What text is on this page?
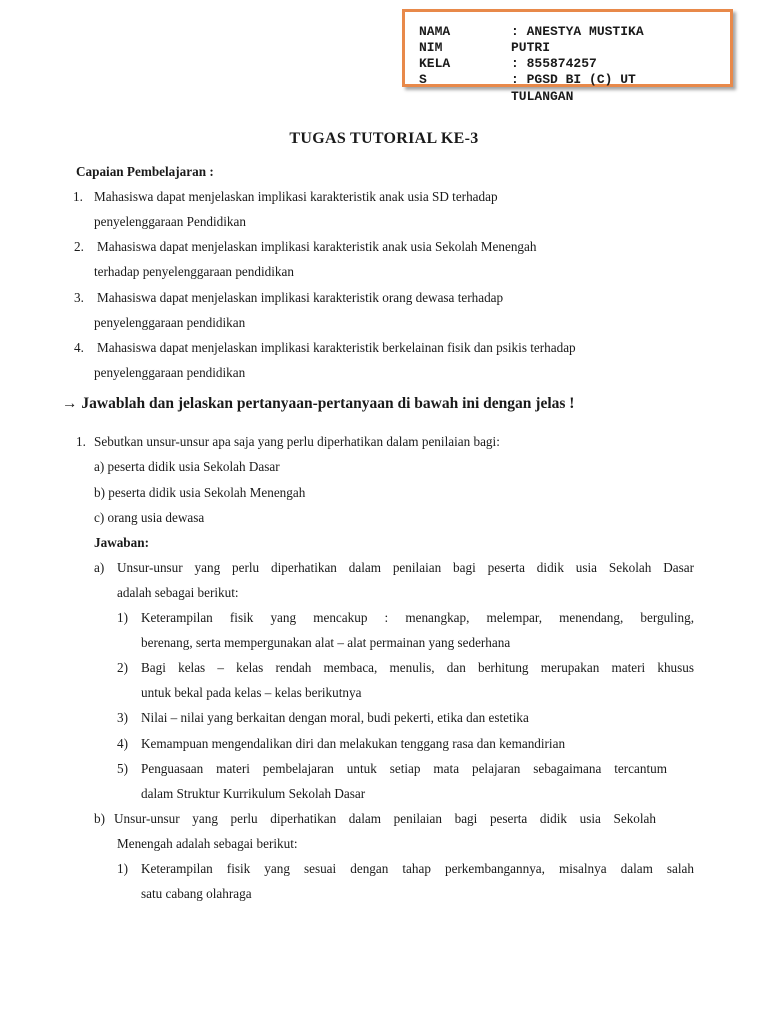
NAMA	: ANESTYA MUSTIKA
NIM	PUTRI
KELA	: 855874257
S	: PGSD BI (C) UT
TULANGAN
TUGAS TUTORIAL KE-3
Capaian Pembelajaran :
1. Mahasiswa dapat menjelaskan implikasi karakteristik anak usia SD terhadap
penyelenggaraan Pendidikan
2. Mahasiswa dapat menjelaskan implikasi karakteristik anak usia Sekolah Menengah
terhadap penyelenggaraan pendidikan
3. Mahasiswa dapat menjelaskan implikasi karakteristik orang dewasa terhadap
penyelenggaraan pendidikan
4. Mahasiswa dapat menjelaskan implikasi karakteristik berkelainan fisik dan psikis terhadap
penyelenggaraan pendidikan
→ Jawablah dan jelaskan pertanyaan-pertanyaan di bawah ini dengan jelas !
1. Sebutkan unsur-unsur apa saja yang perlu diperhatikan dalam penilaian bagi:
a) peserta didik usia Sekolah Dasar
b) peserta didik usia Sekolah Menengah
c) orang usia dewasa
Jawaban:
a) Unsur-unsur yang perlu diperhatikan dalam penilaian bagi peserta didik usia Sekolah Dasar
adalah sebagai berikut:
1) Keterampilan fisik yang mencakup : menangkap, melempar, menendang, berguling,
berenang, serta mempergunakan alat – alat permainan yang sederhana
2) Bagi kelas – kelas rendah membaca, menulis, dan berhitung merupakan materi khusus
untuk bekal pada kelas – kelas berikutnya
3) Nilai – nilai yang berkaitan dengan moral, budi pekerti, etika dan estetika
4) Kemampuan mengendalikan diri dan melakukan tenggang rasa dan kemandirian
5) Penguasaan materi pembelajaran untuk setiap mata pelajaran sebagaimana tercantum
dalam Struktur Kurrikulum Sekolah Dasar
b) Unsur-unsur yang perlu diperhatikan dalam penilaian bagi peserta didik usia Sekolah
Menengah adalah sebagai berikut:
1) Keterampilan fisik yang sesuai dengan tahap perkembangannya, misalnya dalam salah
satu cabang olahraga
